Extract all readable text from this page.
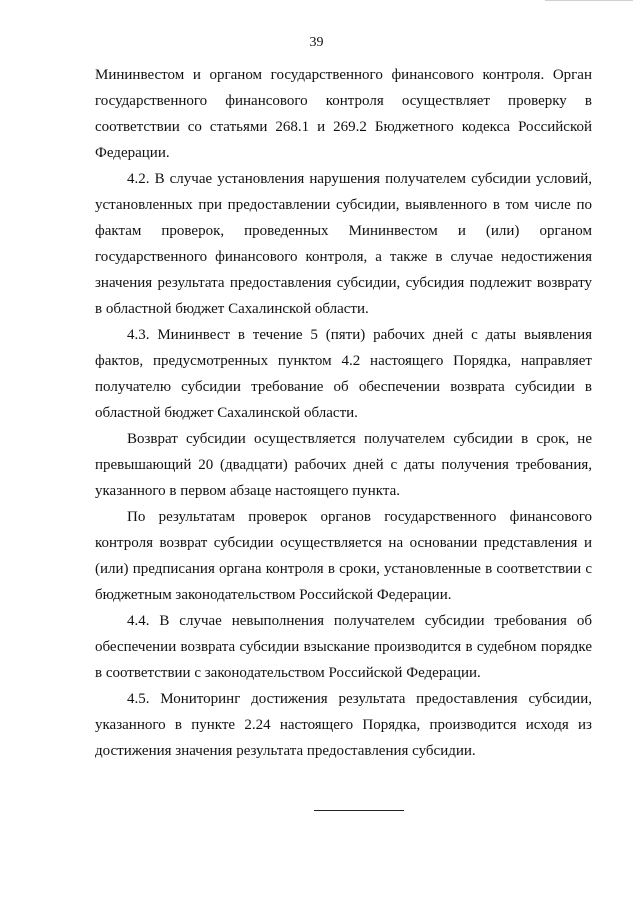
39

Мининвестом и органом государственного финансового контроля. Орган государственного финансового контроля осуществляет проверку в соответствии со статьями 268.1 и 269.2 Бюджетного кодекса Российской Федерации.

4.2. В случае установления нарушения получателем субсидии условий, установленных при предоставлении субсидии, выявленного в том числе по фактам проверок, проведенных Мининвестом и (или) органом государственного финансового контроля, а также в случае недостижения значения результата предоставления субсидии, субсидия подлежит возврату в областной бюджет Сахалинской области.

4.3. Мининвест в течение 5 (пяти) рабочих дней с даты выявления фактов, предусмотренных пунктом 4.2 настоящего Порядка, направляет получателю субсидии требование об обеспечении возврата субсидии в областной бюджет Сахалинской области.

Возврат субсидии осуществляется получателем субсидии в срок, не превышающий 20 (двадцати) рабочих дней с даты получения требования, указанного в первом абзаце настоящего пункта.

По результатам проверок органов государственного финансового контроля возврат субсидии осуществляется на основании представления и (или) предписания органа контроля в сроки, установленные в соответствии с бюджетным законодательством Российской Федерации.

4.4. В случае невыполнения получателем субсидии требования об обеспечении возврата субсидии взыскание производится в судебном порядке в соответствии с законодательством Российской Федерации.

4.5. Мониторинг достижения результата предоставления субсидии, указанного в пункте 2.24 настоящего Порядка, производится исходя из достижения значения результата предоставления субсидии.
